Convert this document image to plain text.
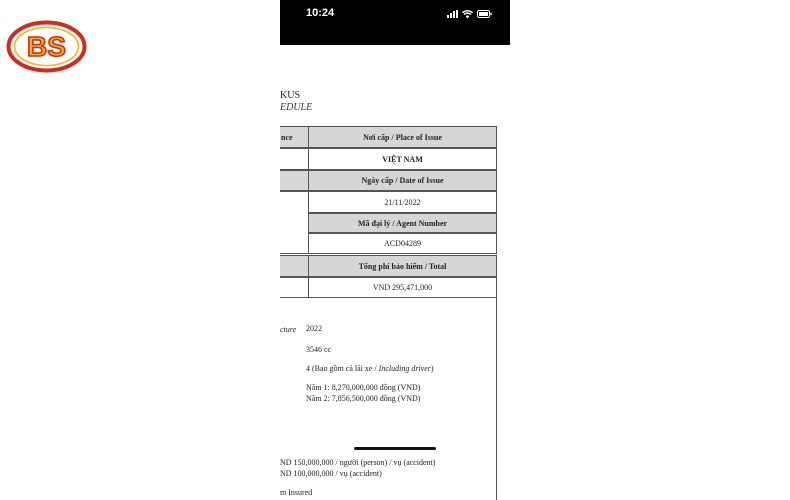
BS
10:24
KUS
EDULE
nce	Nơi cấp / Place of Issue
VIỆT NAM
Ngày cấp / Date of Issue
21/11/2022
Mã đại lý / Agent Number
ACD04289
Tổng phí bảo hiểm / Total
VND 295,471,000
cture 2022
3546 cc
4 (Bao gồm cả lái xe / Including driver)
Năm 1: 8,270,000,000 đồng (VND)
Năm 2: 7,856,500,000 đồng (VND)
ND 150,000,000 / người (person) / vụ (accident)
ND 100,000,000 / vụ (accident)
m Insured
